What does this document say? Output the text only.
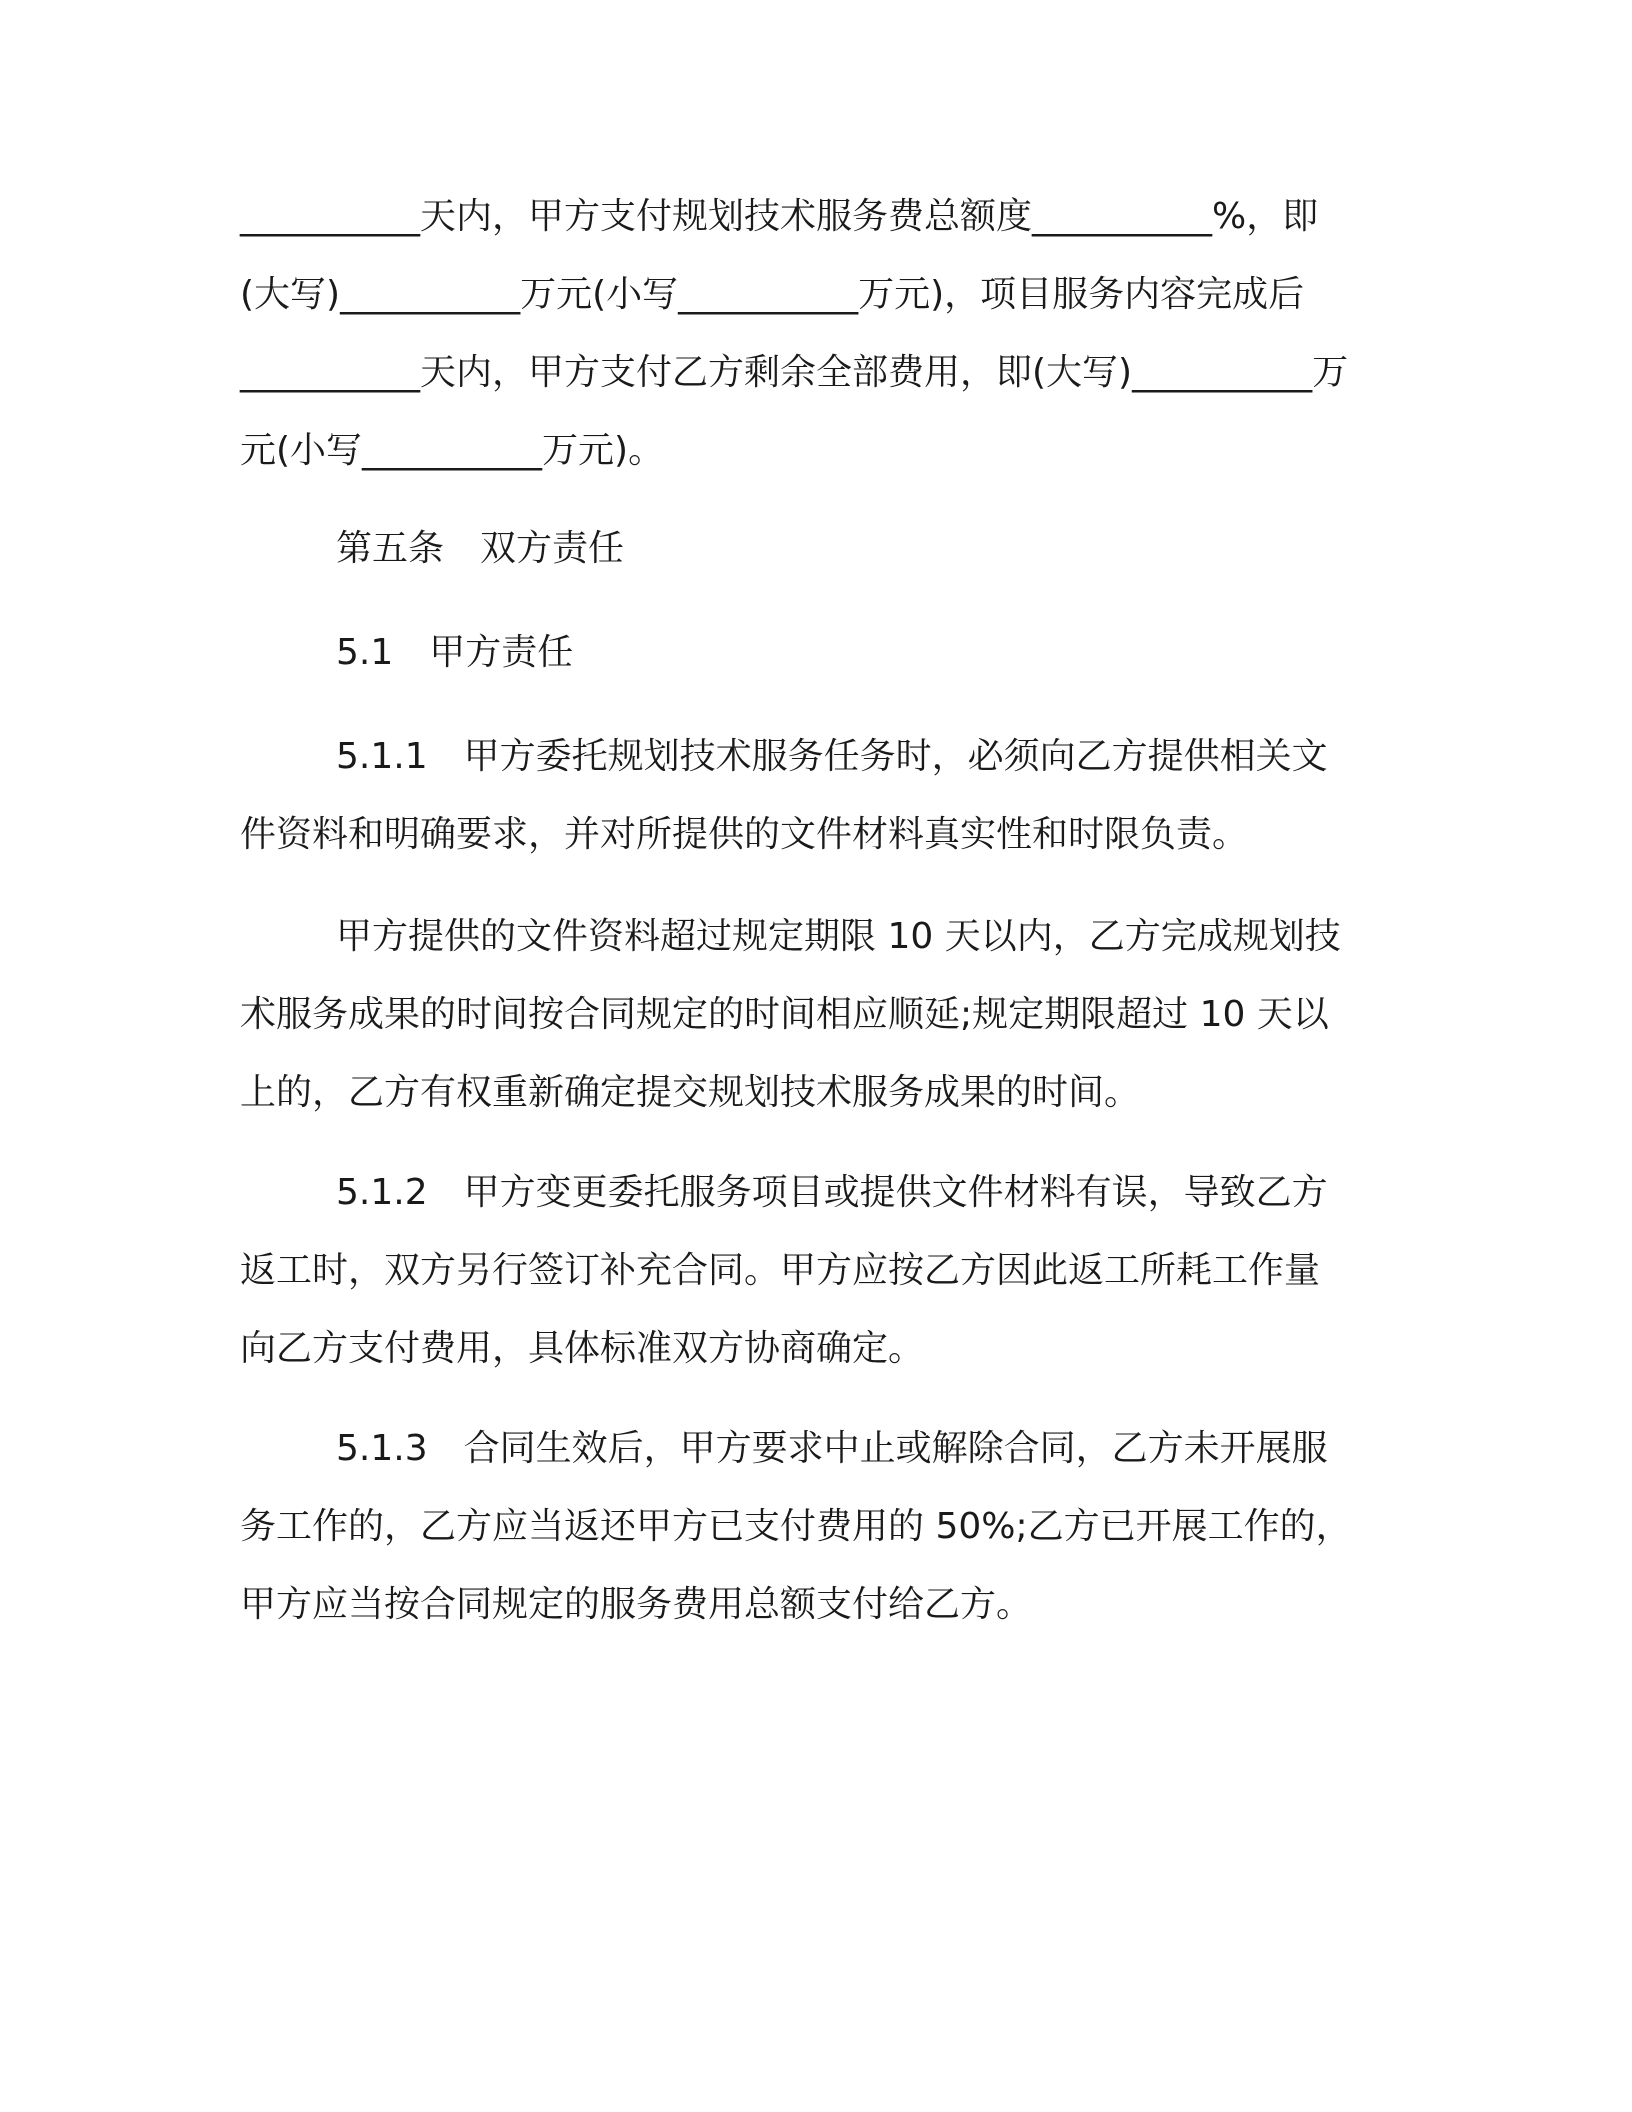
__________天内，甲方支付规划技术服务费总额度__________%，即
(大写)__________万元(小写__________万元)，项目服务内容完成后
__________天内，甲方支付乙方剩余全部费用，即(大写)__________万
元(小写__________万元)。
第五条　双方责任
5.1　甲方责任
5.1.1　甲方委托规划技术服务任务时，必须向乙方提供相关文
件资料和明确要求，并对所提供的文件材料真实性和时限负责。
甲方提供的文件资料超过规定期限 10 天以内，乙方完成规划技
术服务成果的时间按合同规定的时间相应顺延;规定期限超过 10 天以
上的，乙方有权重新确定提交规划技术服务成果的时间。
5.1.2　甲方变更委托服务项目或提供文件材料有误，导致乙方
返工时，双方另行签订补充合同。甲方应按乙方因此返工所耗工作量
向乙方支付费用，具体标准双方协商确定。
5.1.3　合同生效后，甲方要求中止或解除合同，乙方未开展服
务工作的，乙方应当返还甲方已支付费用的 50%;乙方已开展工作的，
甲方应当按合同规定的服务费用总额支付给乙方。
